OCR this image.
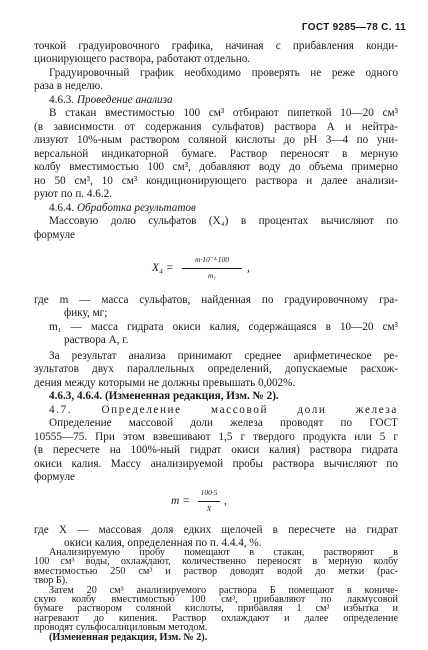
ГОСТ 9285—78 С. 11
точкой градуировочного графика, начиная с прибавления конди-
ционирующего раствора, работают отдельно.
Градуировочный график необходимо проверять не реже одного
раза в неделю.
4.6.3. Проведение анализа
В стакан вместимостью 100 см³ отбирают пипеткой 10—20 см³
(в зависимости от содержания сульфатов) раствора А и нейтра-
лизуют 10%-ным раствором соляной кислоты до рН 3—4 по уни-
версальной индикаторной бумаге. Раствор переносят в мерную
колбу вместимостью 100 см³, добавляют воду до объема примерно
но 50 см³, 10 см³ кондиционирующего раствора и далее анализи-
руют по п. 4.6.2.
4.6.4. Обработка результатов
Массовую долю сульфатов (X₄) в процентах вычисляют по
формуле
X₄ =
m·10⁻³·100
m₁
,
где m — масса сульфатов, найденная по градуировочному гра-
фику, мг;
m₁ — масса гидрата окиси калия, содержащаяся в 10—20 см³
раствора А, г.
За результат анализа принимают среднее арифметическое ре-
зультатов двух параллельных определений, допускаемые расхож-
дения между которыми не должны превышать 0,002%.
4.6.3, 4.6.4. (Измененная редакция, Изм. № 2).
4.7. Определение массовой доли железа
Определение массовой доли железа проводят по ГОСТ
10555—75. При этом взвешивают 1,5 г твердого продукта или 5 г
(в пересчете на 100%-ный гидрат окиси калия) раствора гидрата
окиси калия. Массу анализируемой пробы раствора вычисляют по
формуле
m =
100·5
X
,
где X — массовая доля едких щелочей в пересчете на гидрат
окиси калия, определенная по п. 4.4.4, %.
Анализируемую пробу помещают в стакан, растворяют в
100 см³ воды, охлаждают, количественно переносят в мерную колбу
вместимостью 250 см³ и раствор доводят водой до метки (рас-
твор Б).
Затем 20 см³ анализируемого раствора Б помещают в кониче-
скую колбу вместимостью 100 см³, прибавляют по лакмусовой
бумаге раствором соляной кислоты, прибавляя 1 см³ избытка и
нагревают до кипения. Раствор охлаждают и далее определение
проводят сульфосалициловым методом.
(Измененная редакция, Изм. № 2).
